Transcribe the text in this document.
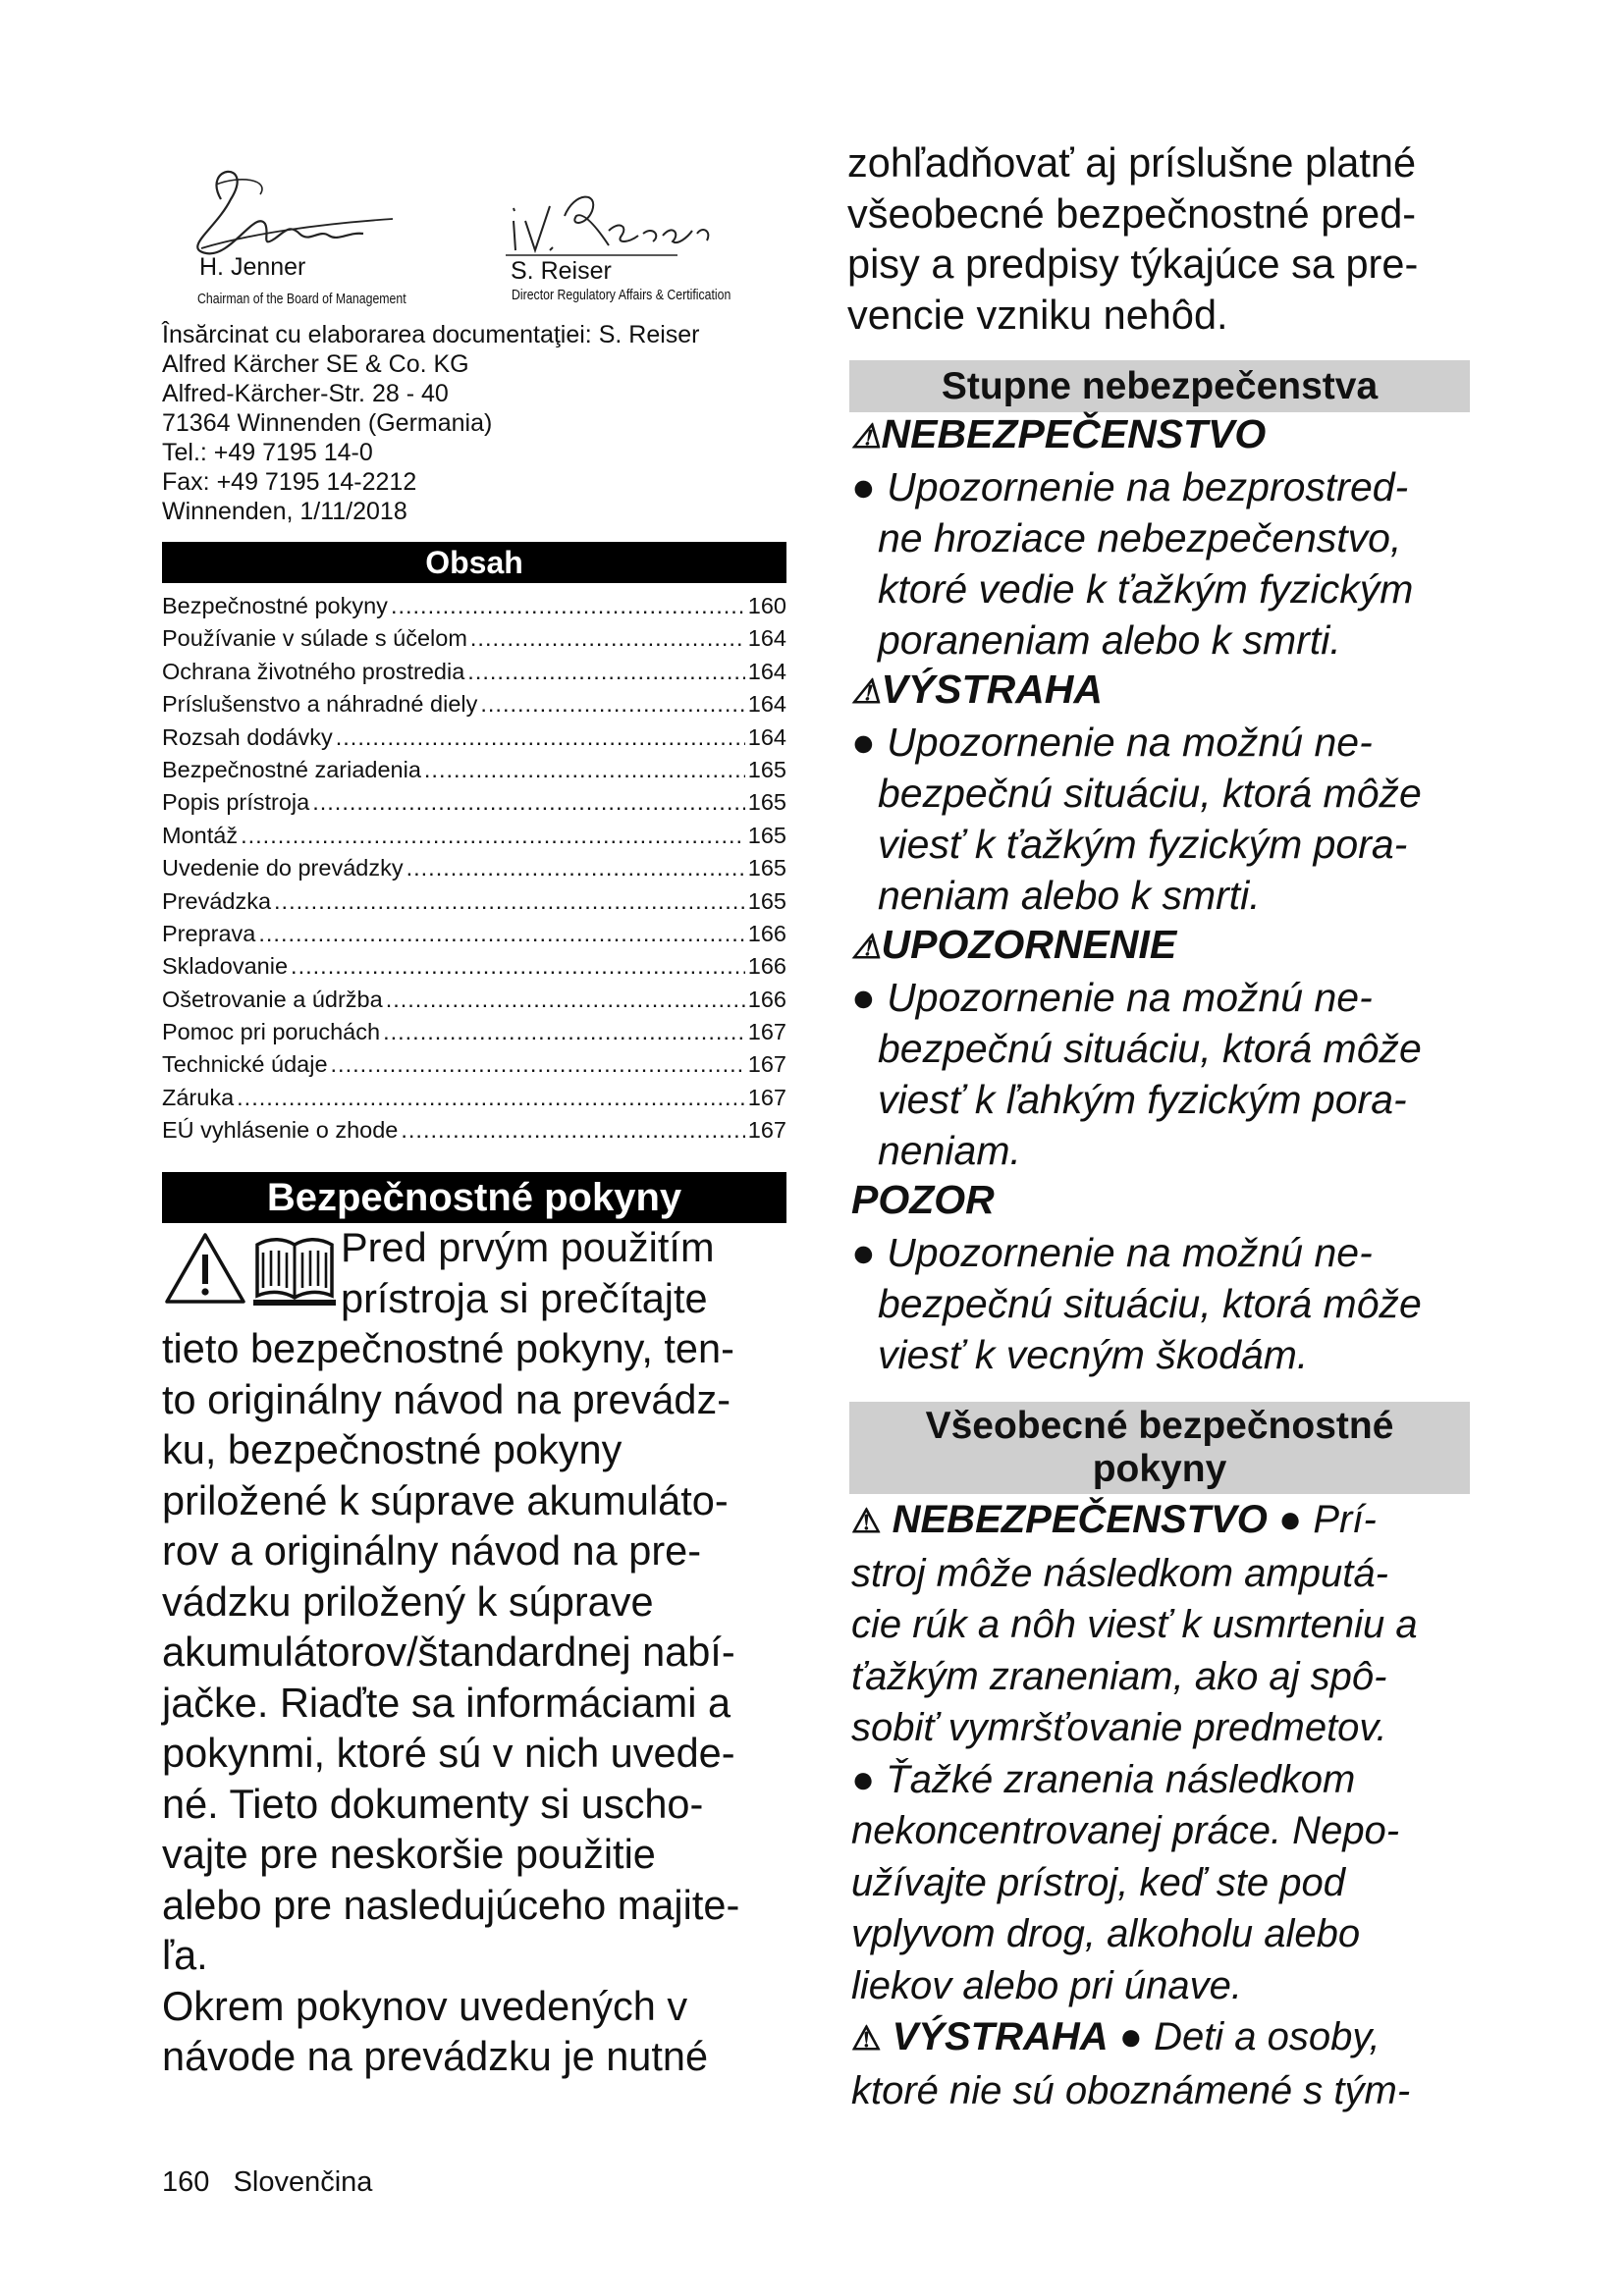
H. Jenner
Chairman of the Board of Management
S. Reiser
Director Regulatory Affairs & Certification
Însărcinat cu elaborarea documentaţiei: S. Reiser
Alfred Kärcher SE & Co. KG
Alfred-Kärcher-Str. 28 - 40
71364 Winnenden (Germania)
Tel.: +49 7195 14-0
Fax: +49 7195 14-2212
Winnenden, 1/11/2018
Obsah
Bezpečnostné pokyny .....	160
Používanie v súlade s účelom .....	164
Ochrana životného prostredia .....	164
Príslušenstvo a náhradné diely .....	164
Rozsah dodávky .....	164
Bezpečnostné zariadenia .....	165
Popis prístroja .....	165
Montáž .....	165
Uvedenie do prevádzky .....	165
Prevádzka .....	165
Preprava .....	166
Skladovanie .....	166
Ošetrovanie a údržba .....	166
Pomoc pri poruchách .....	167
Technické údaje .....	167
Záruka .....	167
EÚ vyhlásenie o zhode .....	167
Bezpečnostné pokyny
Pred prvým použitím
prístroja si prečítajte
tieto bezpečnostné pokyny, ten-
to originálny návod na prevádz-
ku, bezpečnostné pokyny
priložené k súprave akumuláto-
rov a originálny návod na pre-
vádzku priložený k súprave
akumulátorov/štandardnej nabí-
jačke. Riaďte sa informáciami a
pokynmi, ktoré sú v nich uvede-
né. Tieto dokumenty si uscho-
vajte pre neskoršie použitie
alebo pre nasledujúceho majite-
ľa.
Okrem pokynov uvedených v
návode na prevádzku je nutné
zohľadňovať aj príslušne platné
všeobecné bezpečnostné pred-
pisy a predpisy týkajúce sa pre-
vencie vzniku nehôd.
Stupne nebezpečenstva
⚠NEBEZPEČENSTVO
● Upozornenie na bezprostred-
ne hroziace nebezpečenstvo,
ktoré vedie k ťažkým fyzickým
poraneniam alebo k smrti.
⚠VÝSTRAHA
● Upozornenie na možnú ne-
bezpečnú situáciu, ktorá môže
viesť k ťažkým fyzickým pora-
neniam alebo k smrti.
⚠UPOZORNENIE
● Upozornenie na možnú ne-
bezpečnú situáciu, ktorá môže
viesť k ľahkým fyzickým pora-
neniam.
POZOR
● Upozornenie na možnú ne-
bezpečnú situáciu, ktorá môže
viesť k vecným škodám.
Všeobecné bezpečnostné
pokyny
⚠ NEBEZPEČENSTVO ● Prí-
stroj môže následkom amputá-
cie rúk a nôh viesť k usmrteniu a
ťažkým zraneniam, ako aj spô-
sobiť vymršťovanie predmetov.
● Ťažké zranenia následkom
nekoncentrovanej práce. Nepo-
užívajte prístroj, keď ste pod
vplyvom drog, alkoholu alebo
liekov alebo pri únave.
⚠ VÝSTRAHA ● Deti a osoby,
ktoré nie sú oboznámené s tým-
160 Slovenčina
